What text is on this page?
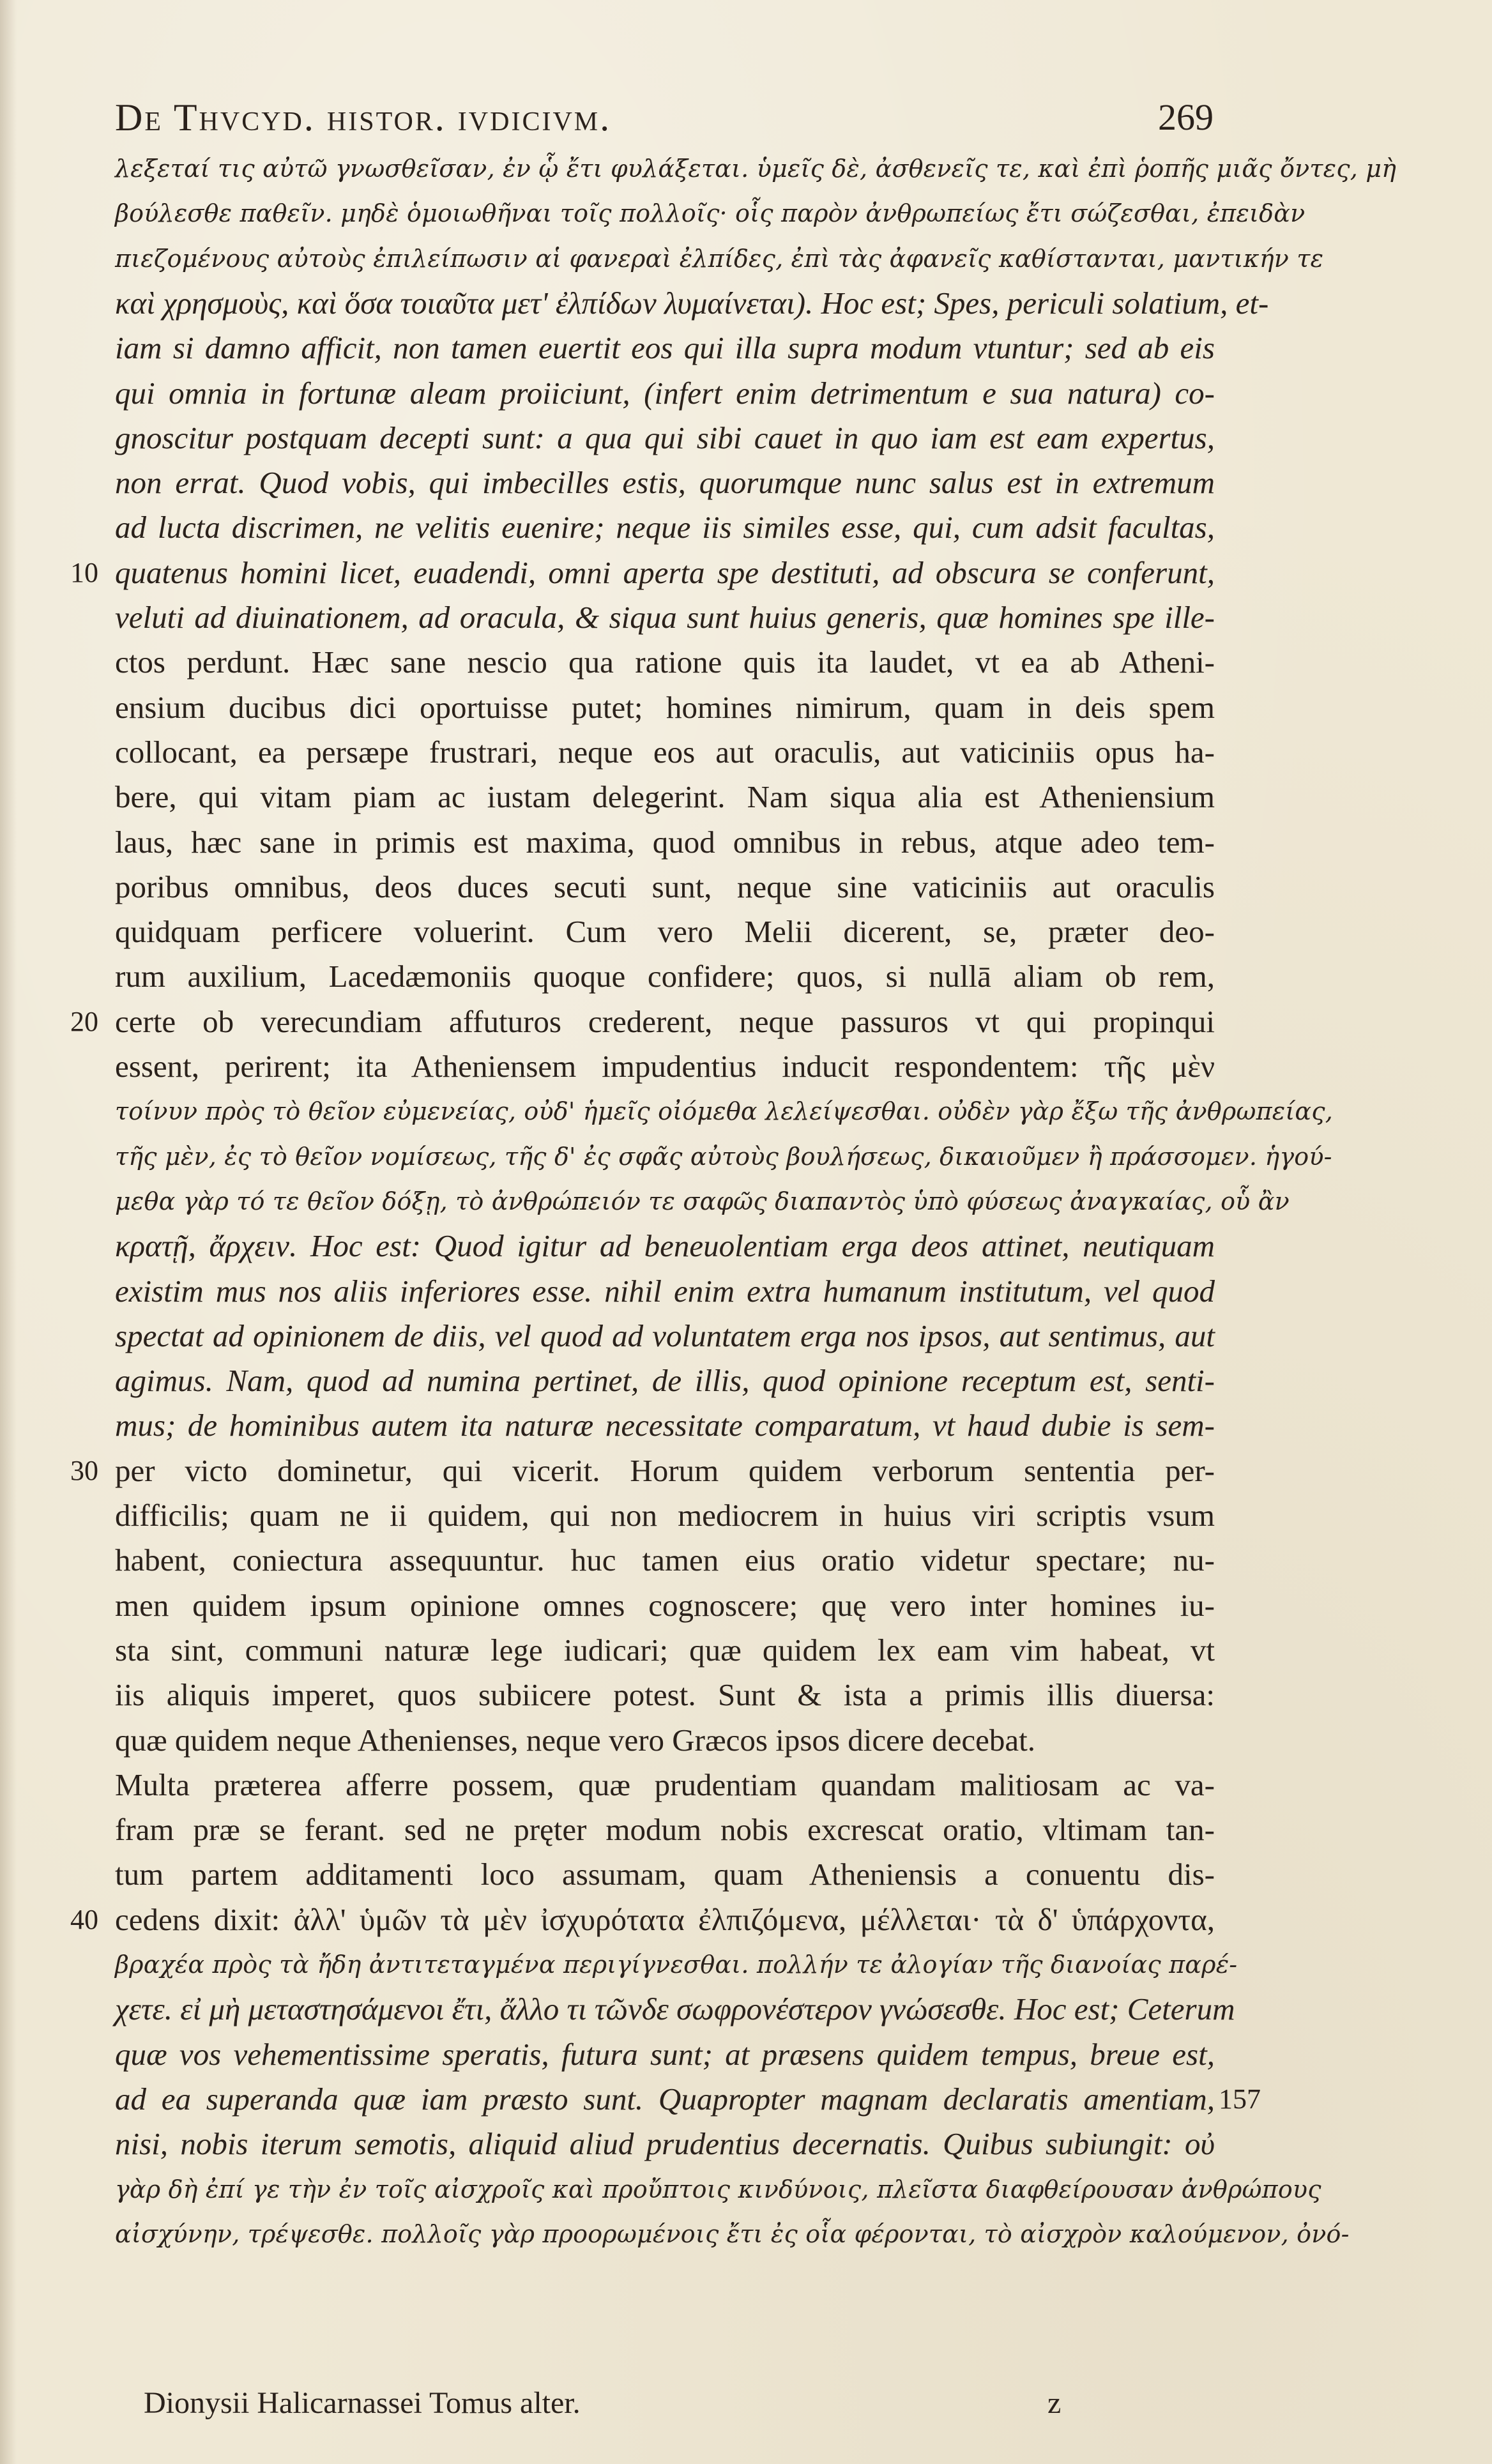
De Thvcyd. histor. ivdicivm.	269
λεξεταί τις αὐτῶ γνωσθεῖσαν, ἐν ᾧ ἔτι φυλάξεται. ὑμεῖς δὲ, ἀσθενεῖς τε, καὶ ἐπὶ ῥοπῆς μιᾶς ὄντες, μὴ
βούλεσθε παθεῖν. μηδὲ ὁμοιωθῆναι τοῖς πολλοῖς· οἷς παρὸν ἀνθρωπείως ἔτι σώζεσθαι, ἐπειδὰν
πιεζομένους αὐτοὺς ἐπιλείπωσιν αἱ φανεραὶ ἐλπίδες, ἐπὶ τὰς ἀφανεῖς καθίστανται, μαντικήν τε
καὶ χρησμοὺς, καὶ ὅσα τοιαῦτα μετ' ἐλπίδων λυμαίνεται). Hoc est; Spes, periculi solatium, et-
iam si damno afficit, non tamen euertit eos qui illa supra modum vtuntur; sed ab eis
qui omnia in fortunæ aleam proiiciunt, (infert enim detrimentum e sua natura) co-
gnoscitur postquam decepti sunt: a qua qui sibi cauet in quo iam est eam expertus,
non errat. Quod vobis, qui imbecilles estis, quorumque nunc salus est in extremum
ad lucta discrimen, ne velitis euenire; neque iis similes esse, qui, cum adsit facultas,
quatenus homini licet, euadendi, omni aperta spe destituti, ad obscura se conferunt,
10
veluti ad diuinationem, ad oracula, & siqua sunt huius generis, quæ homines spe ille-
ctos perdunt. Hæc sane nescio qua ratione quis ita laudet, vt ea ab Atheni-
ensium ducibus dici oportuisse putet; homines nimirum, quam in deis spem
collocant, ea persæpe frustrari, neque eos aut oraculis, aut vaticiniis opus ha-
bere, qui vitam piam ac iustam delegerint. Nam siqua alia est Atheniensium
laus, hæc sane in primis est maxima, quod omnibus in rebus, atque adeo tem-
poribus omnibus, deos duces secuti sunt, neque sine vaticiniis aut oraculis
quidquam perficere voluerint. Cum vero Melii dicerent, se, præter deo-
rum auxilium, Lacedæmoniis quoque confidere; quos, si nullā aliam ob rem,
certe ob verecundiam affuturos crederent, neque passuros vt qui propinqui
20
essent, perirent; ita Atheniensem impudentius inducit respondentem: τῆς μὲν
τοίνυν πρὸς τὸ θεῖον εὐμενείας, οὐδ' ἡμεῖς οἰόμεθα λελείψεσθαι. οὐδὲν γὰρ ἔξω τῆς ἀνθρωπείας,
τῆς μὲν, ἐς τὸ θεῖον νομίσεως, τῆς δ' ἐς σφᾶς αὐτοὺς βουλήσεως, δικαιοῦμεν ἢ πράσσομεν. ἡγού-
μεθα γὰρ τό τε θεῖον δόξῃ, τὸ ἀνθρώπειόν τε σαφῶς διαπαντὸς ὑπὸ φύσεως ἀναγκαίας, οὗ ἂν
κρατῇ, ἄρχειν. Hoc est: Quod igitur ad beneuolentiam erga deos attinet, neutiquam
existim mus nos aliis inferiores esse. nihil enim extra humanum institutum, vel quod
spectat ad opinionem de diis, vel quod ad voluntatem erga nos ipsos, aut sentimus, aut
agimus. Nam, quod ad numina pertinet, de illis, quod opinione receptum est, senti-
mus; de hominibus autem ita naturæ necessitate comparatum, vt haud dubie is sem-
per victo dominetur, qui vicerit. Horum quidem verborum sententia per-
30
difficilis; quam ne ii quidem, qui non mediocrem in huius viri scriptis vsum
habent, coniectura assequuntur. huc tamen eius oratio videtur spectare; nu-
men quidem ipsum opinione omnes cognoscere; quę vero inter homines iu-
sta sint, communi naturæ lege iudicari; quæ quidem lex eam vim habeat, vt
iis aliquis imperet, quos subiicere potest. Sunt & ista a primis illis diuersa:
quæ quidem neque Athenienses, neque vero Græcos ipsos dicere decebat.
Multa præterea afferre possem, quæ prudentiam quandam malitiosam ac va-
fram præ se ferant. sed ne pręter modum nobis excrescat oratio, vltimam tan-
tum partem additamenti loco assumam, quam Atheniensis a conuentu dis-
cedens dixit: ἀλλ' ὑμῶν τὰ μὲν ἰσχυρότατα ἐλπιζόμενα, μέλλεται· τὰ δ' ὑπάρχοντα,
40
βραχέα πρὸς τὰ ἤδη ἀντιτεταγμένα περιγίγνεσθαι. πολλήν τε ἀλογίαν τῆς διανοίας παρέ-
χετε. εἰ μὴ μεταστησάμενοι ἔτι, ἄλλο τι τῶνδε σωφρονέστερον γνώσεσθε. Hoc est; Ceterum
quæ vos vehementissime speratis, futura sunt; at præsens quidem tempus, breue est,
ad ea superanda quæ iam præsto sunt. Quapropter magnam declaratis amentiam, 157
nisi, nobis iterum semotis, aliquid aliud prudentius decernatis. Quibus subiungit: οὐ
γὰρ δὴ ἐπί γε τὴν ἐν τοῖς αἰσχροῖς καὶ προὔπτοις κινδύνοις, πλεῖστα διαφθείρουσαν ἀνθρώπους
αἰσχύνην, τρέψεσθε. πολλοῖς γὰρ προορωμένοις ἔτι ἐς οἷα φέρονται, τὸ αἰσχρὸν καλούμενον, ὀνό-
Dionysii Halicarnassei Tomus alter.	z
